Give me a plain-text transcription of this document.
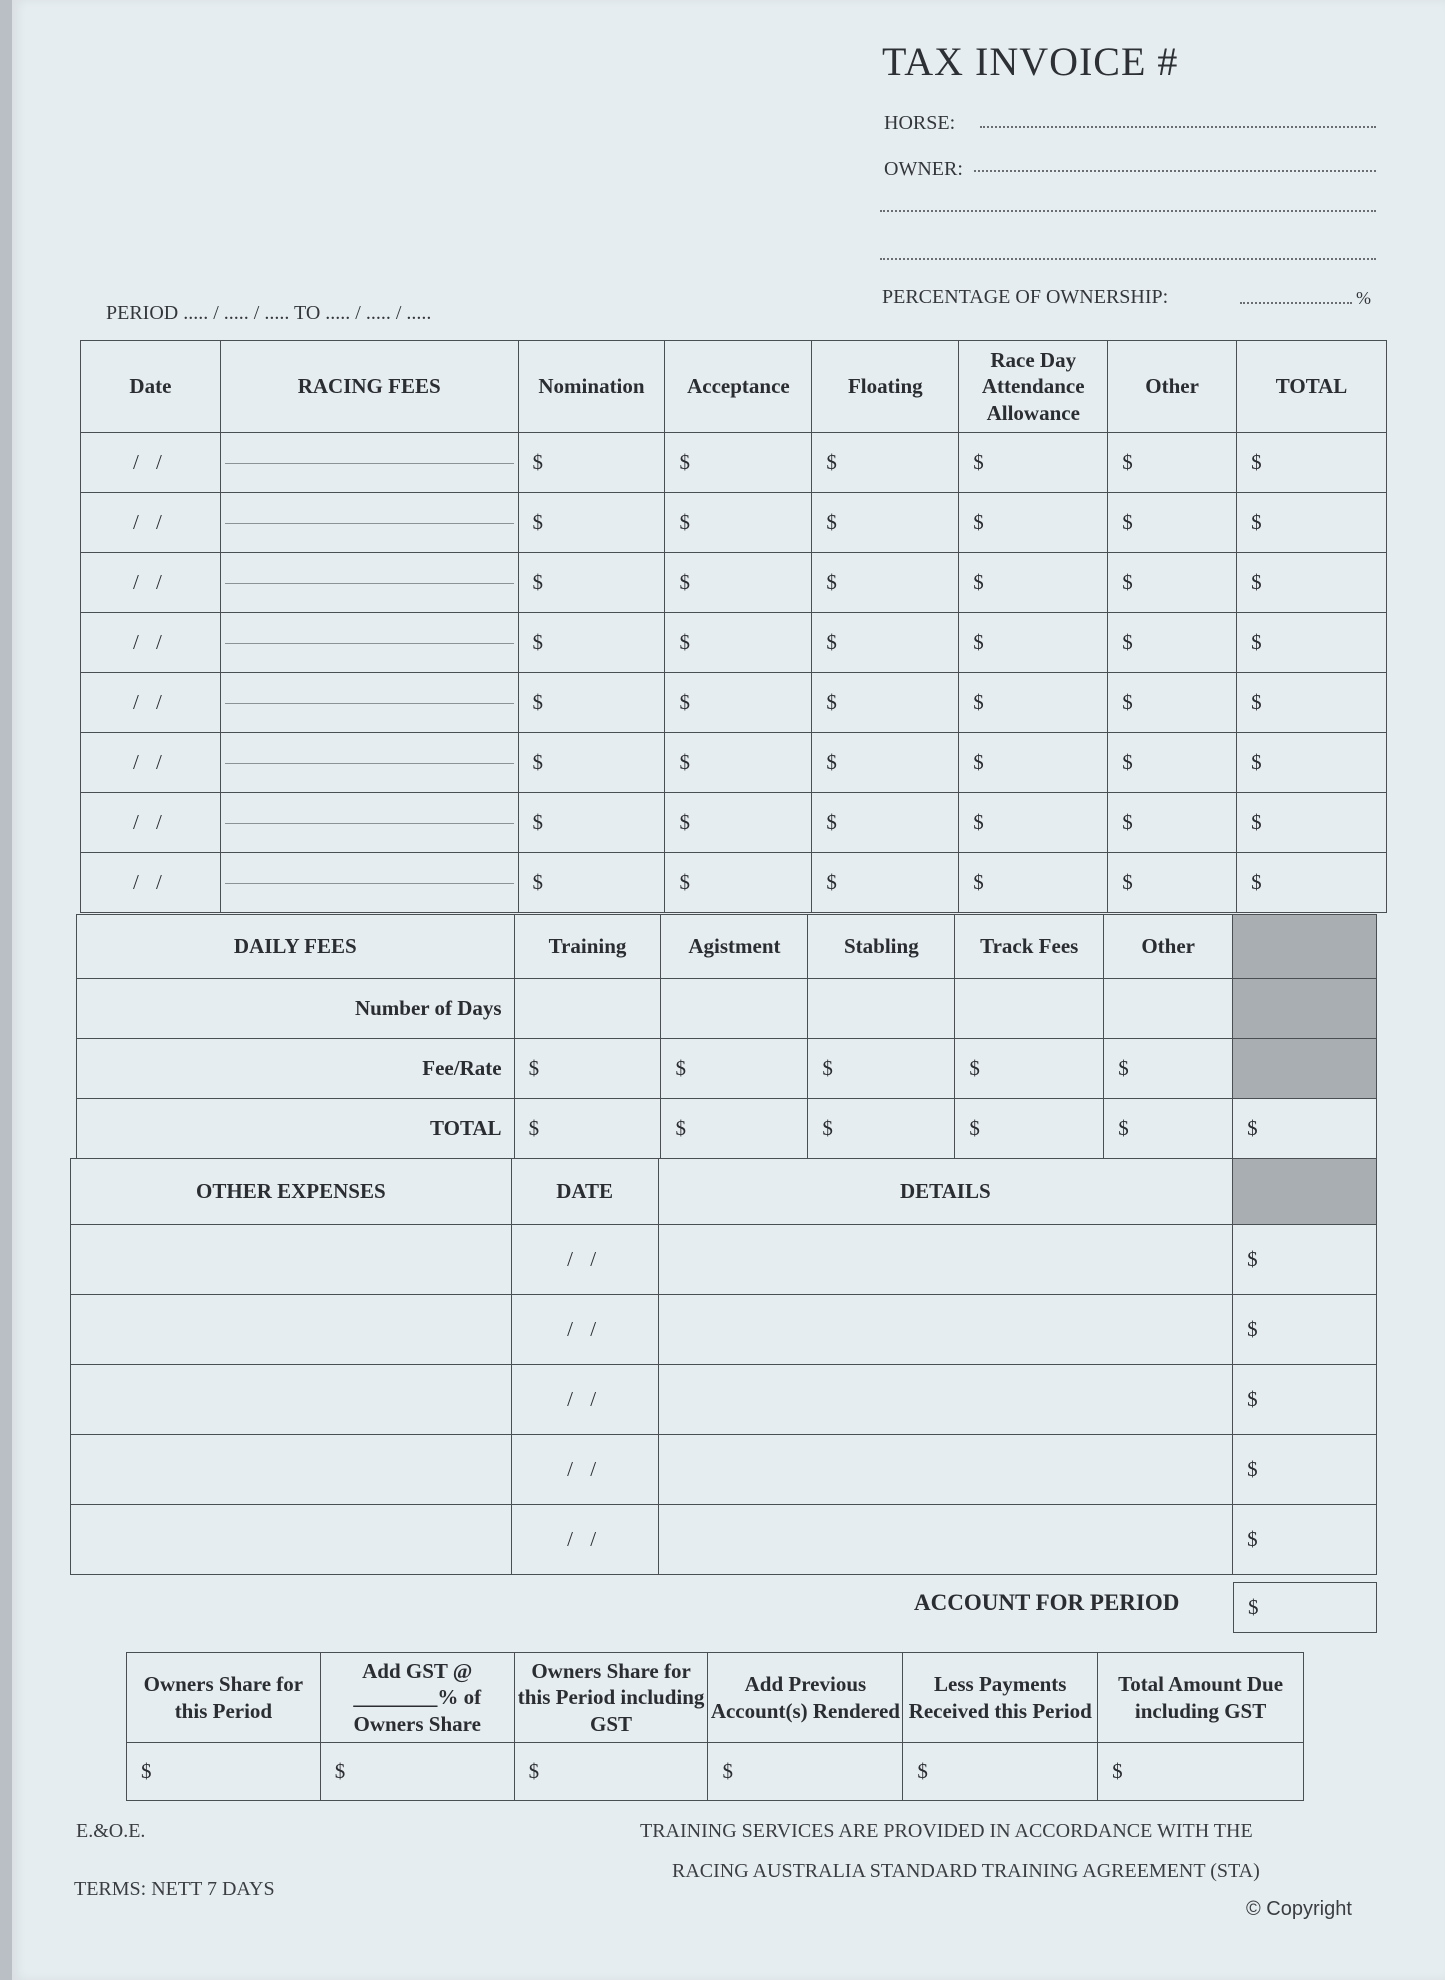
TAX INVOICE #
HORSE:
OWNER:
PERIOD ..... / ..... / ..... TO ..... / ..... / .....
PERCENTAGE OF OWNERSHIP:	%
Date	RACING FEES	Nomination	Acceptance	Floating	Race Day Attendance Allowance	Other	TOTAL
/ /		$	$	$	$	$	$
/ /		$	$	$	$	$	$
/ /		$	$	$	$	$	$
/ /		$	$	$	$	$	$
/ /		$	$	$	$	$	$
/ /		$	$	$	$	$	$
/ /		$	$	$	$	$	$
/ /		$	$	$	$	$	$
DAILY FEES	Training	Agistment	Stabling	Track Fees	Other	
Number of Days						
Fee/Rate	$	$	$	$	$	
TOTAL	$	$	$	$	$	$
OTHER EXPENSES	DATE	DETAILS	
	/ /		$
	/ /		$
	/ /		$
	/ /		$
	/ /		$
ACCOUNT FOR PERIOD	$
Owners Share for this Period	Add GST @ ________% of Owners Share	Owners Share for this Period including GST	Add Previous Account(s) Rendered	Less Payments Received this Period	Total Amount Due including GST
$	$	$	$	$	$
E.&O.E.
TERMS: NETT 7 DAYS
TRAINING SERVICES ARE PROVIDED IN ACCORDANCE WITH THE
RACING AUSTRALIA STANDARD TRAINING AGREEMENT (STA)
© Copyright
